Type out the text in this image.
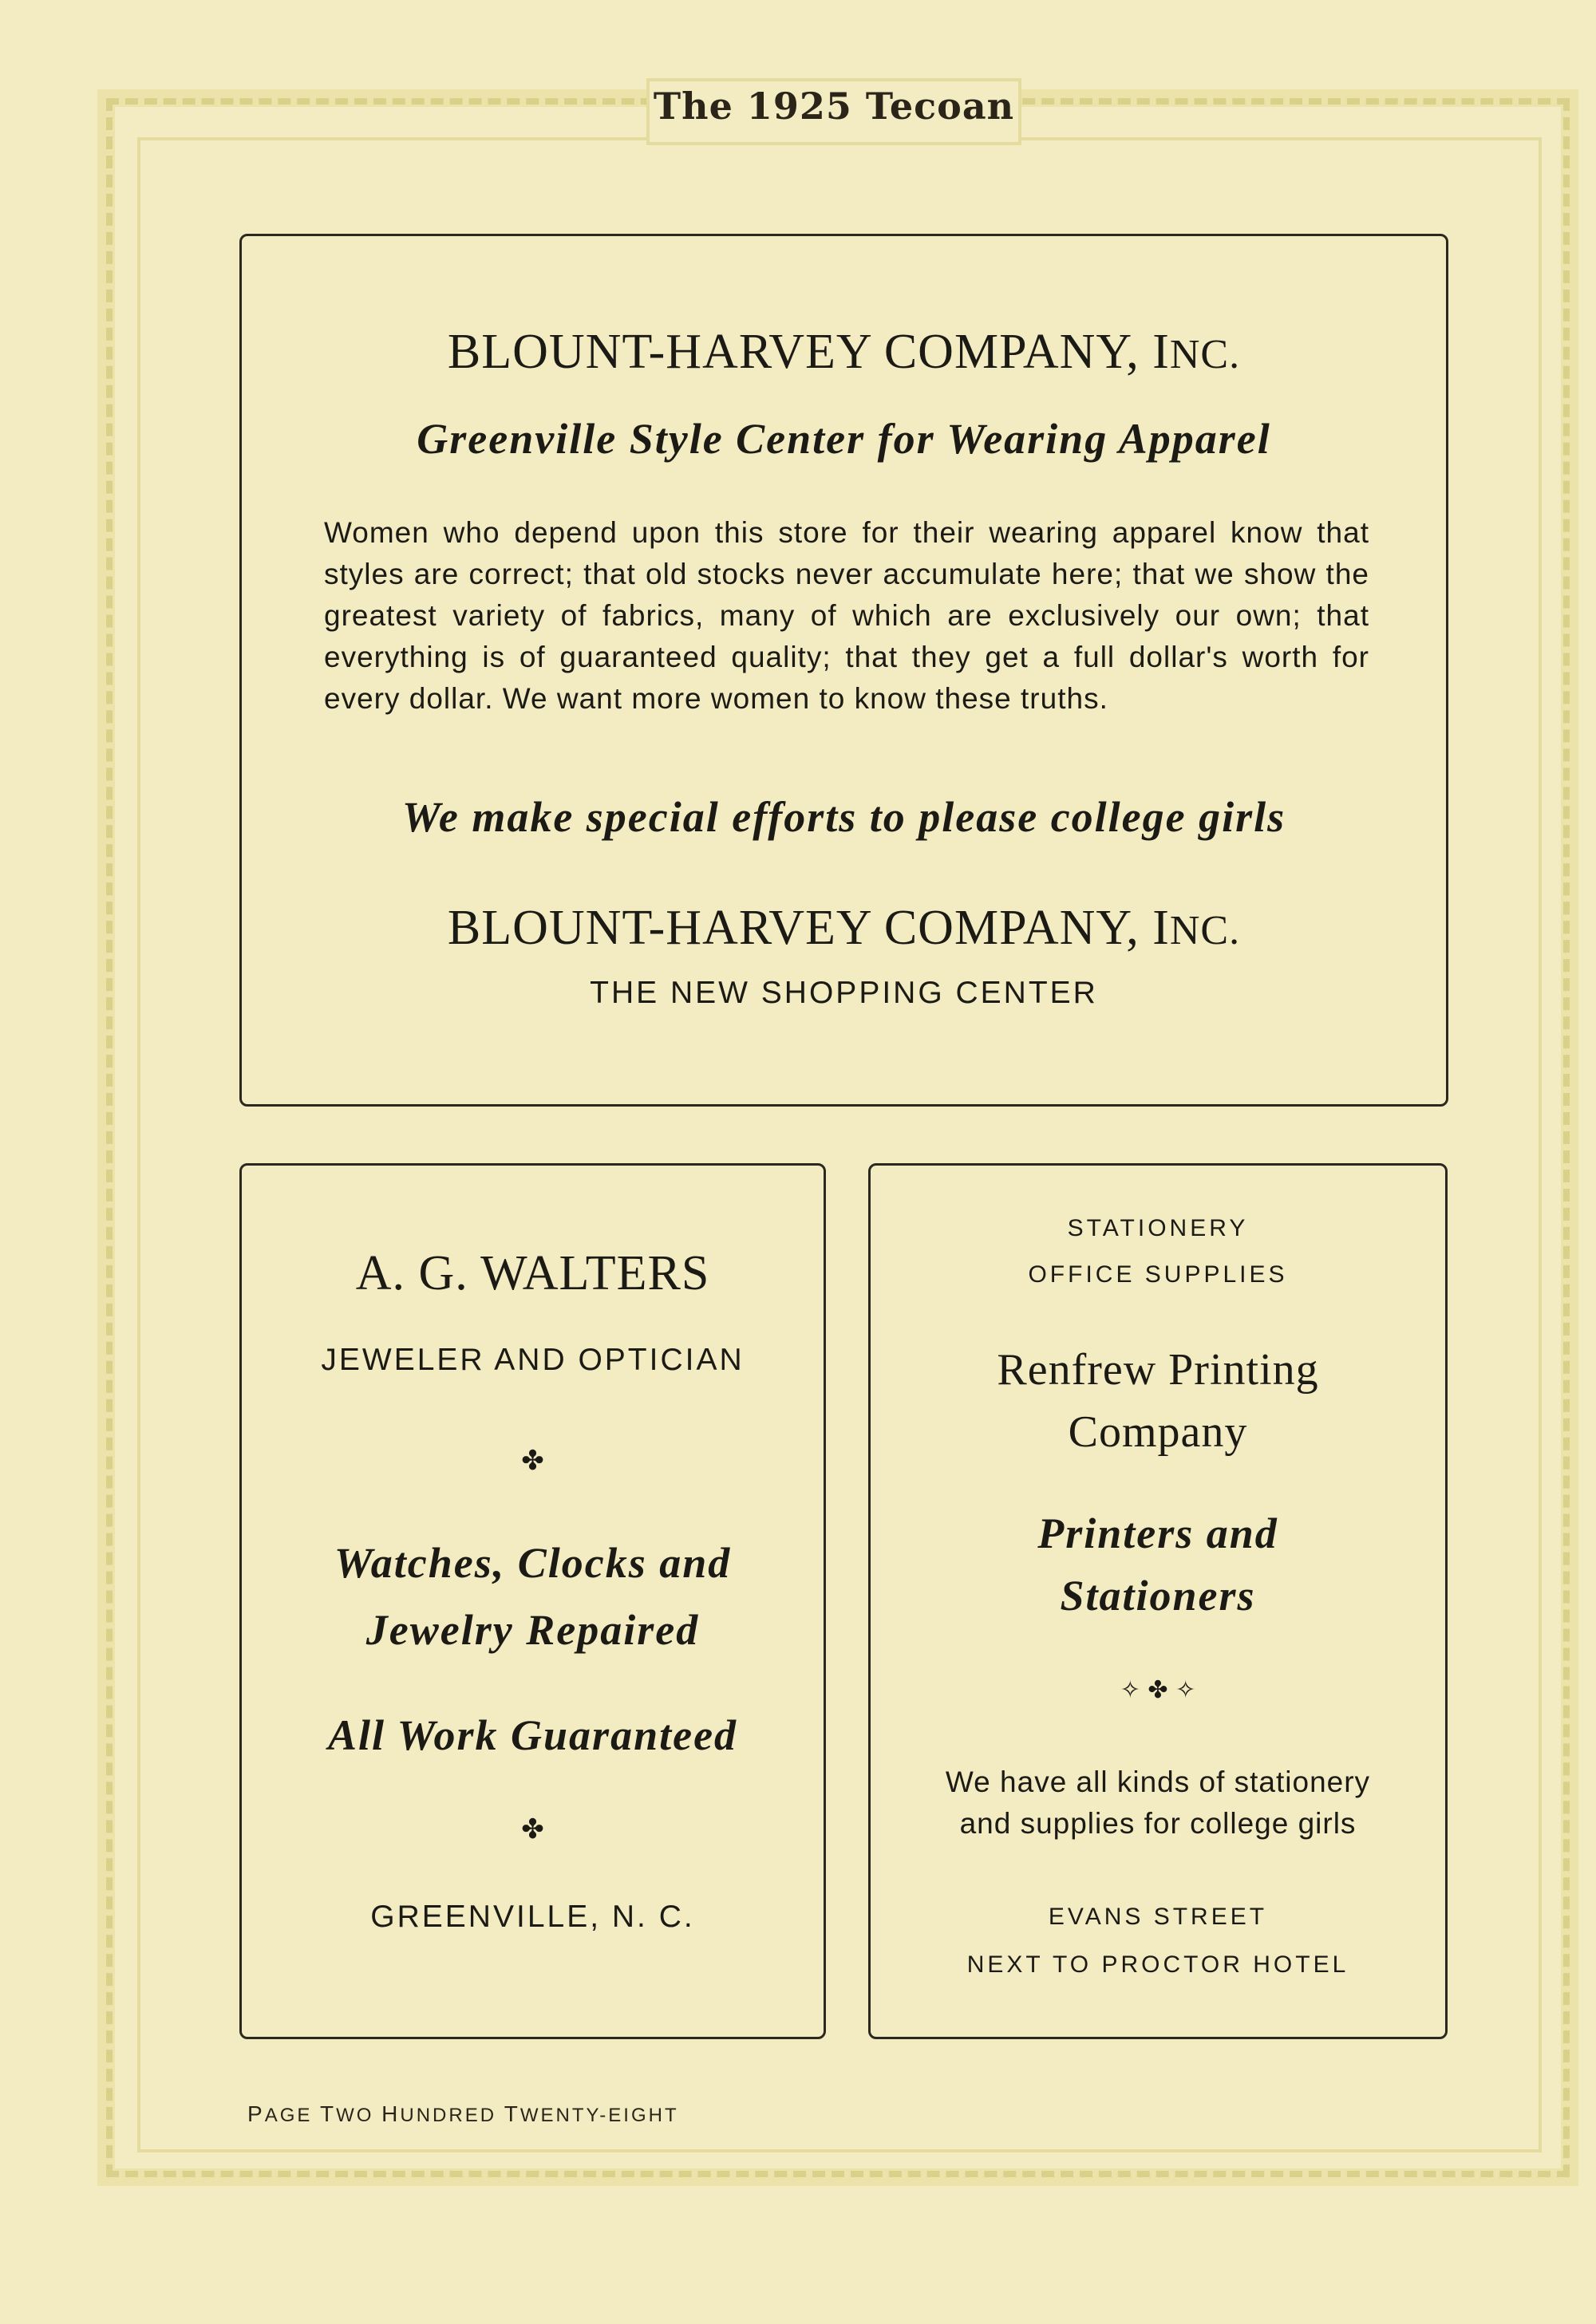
The 1925 Tecoan
BLOUNT-HARVEY COMPANY, INC.
Greenville Style Center for Wearing Apparel
Women who depend upon this store for their wearing apparel know that styles are correct; that old stocks never accumulate here; that we show the greatest variety of fabrics, many of which are exclusively our own; that everything is of guaranteed quality; that they get a full dollar's worth for every dollar. We want more women to know these truths.
We make special efforts to please college girls
BLOUNT-HARVEY COMPANY, INC.
THE NEW SHOPPING CENTER
A. G. WALTERS
JEWELER AND OPTICIAN
✤
Watches, Clocks and
Jewelry Repaired
All Work Guaranteed
✤
GREENVILLE, N. C.
STATIONERY
OFFICE SUPPLIES
Renfrew Printing
Company
Printers and
Stationers
✧ ✤ ✧
We have all kinds of stationery
and supplies for college girls
EVANS STREET
NEXT TO PROCTOR HOTEL
PAGE TWO HUNDRED TWENTY-EIGHT
